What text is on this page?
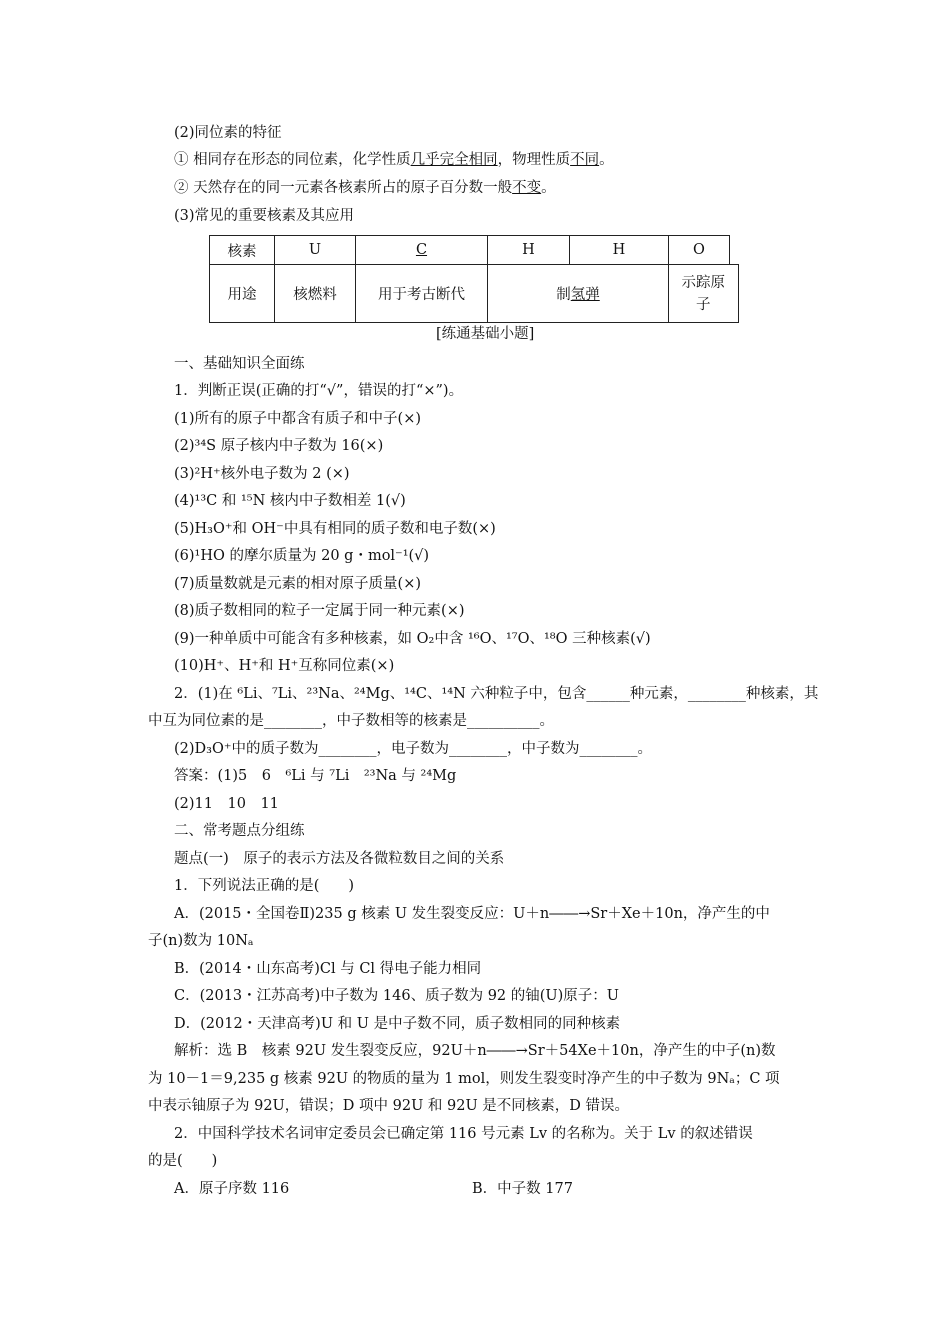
(2)同位素的特征
① 相同存在形态的同位素，化学性质几乎完全相同，物理性质不同。
② 天然存在的同一元素各核素所占的原子百分数一般不变。
(3)常见的重要核素及其应用
核素	U	C	H	H	O	
用途	核燃料	用于考古断代	制氢弹		示踪原
子	
[练通基础小题]
一、基础知识全面练
1．判断正误(正确的打“√”，错误的打“×”)。
(1)所有的原子中都含有质子和中子(×)
(2)³⁴S 原子核内中子数为 16(×)
(3)²H⁺核外电子数为 2 (×)
(4)¹³C 和 ¹⁵N 核内中子数相差 1(√)
(5)H₃O⁺和 OH⁻中具有相同的质子数和电子数(×)
(6)¹HO 的摩尔质量为 20 g・mol⁻¹(√)
(7)质量数就是元素的相对原子质量(×)
(8)质子数相同的粒子一定属于同一种元素(×)
(9)一种单质中可能含有多种核素，如 O₂中含 ¹⁶O、¹⁷O、¹⁸O 三种核素(√)
(10)H⁺、H⁺和 H⁺互称同位素(×)
2．(1)在 ⁶Li、⁷Li、²³Na、²⁴Mg、¹⁴C、¹⁴N 六种粒子中，包含______种元素，________种核素，其
中互为同位素的是________，中子数相等的核素是__________。
(2)D₃O⁺中的质子数为________，电子数为________，中子数为________。
答案：(1)5　6　⁶Li 与 ⁷Li　²³Na 与 ²⁴Mg
(2)11　10　11
二、常考题点分组练
题点(一)　原子的表示方法及各微粒数目之间的关系
1．下列说法正确的是(　　)
A．(2015・全国卷Ⅱ)235 g 核素 U 发生裂变反应：U＋n――→Sr＋Xe＋10n，净产生的中
子(n)数为 10Nₐ
B．(2014・山东高考)Cl 与 Cl 得电子能力相同
C．(2013・江苏高考)中子数为 146、质子数为 92 的铀(U)原子：U
D．(2012・天津高考)U 和 U 是中子数不同，质子数相同的同种核素
解析：选 B　核素 92U 发生裂变反应，92U＋n――→Sr＋54Xe＋10n，净产生的中子(n)数
为 10－1＝9,235 g 核素 92U 的物质的量为 1 mol，则发生裂变时净产生的中子数为 9Nₐ；C 项
中表示铀原子为 92U，错误；D 项中 92U 和 92U 是不同核素，D 错误。
2．中国科学技术名词审定委员会已确定第 116 号元素 Lv 的名称为。关于 Lv 的叙述错误
的是(　　)
A．原子序数 116	B．中子数 177
